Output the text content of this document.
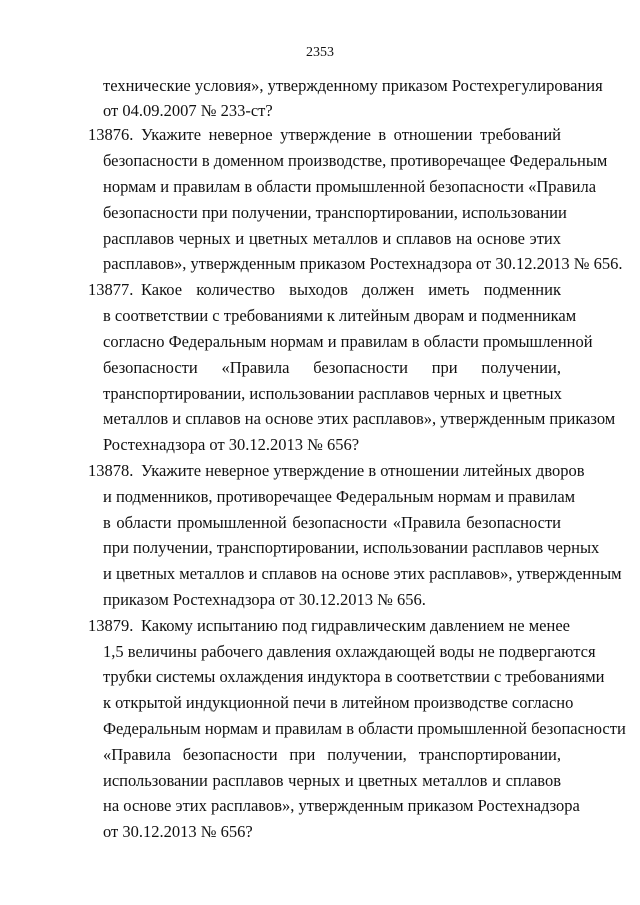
2353
технические условия», утвержденному приказом Ростехрегулирования
от 04.09.2007 № 233-ст?
13876. Укажите неверное утверждение в отношении требований
безопасности в доменном производстве, противоречащее Федеральным
нормам и правилам в области промышленной безопасности «Правила
безопасности при получении, транспортировании, использовании
расплавов черных и цветных металлов и сплавов на основе этих
расплавов», утвержденным приказом Ростехнадзора от 30.12.2013 № 656.
13877. Какое количество выходов должен иметь подменник
в соответствии с требованиями к литейным дворам и подменникам
согласно Федеральным нормам и правилам в области промышленной
безопасности «Правила безопасности при получении,
транспортировании, использовании расплавов черных и цветных
металлов и сплавов на основе этих расплавов», утвержденным приказом
Ростехнадзора от 30.12.2013 № 656?
13878. Укажите неверное утверждение в отношении литейных дворов
и подменников, противоречащее Федеральным нормам и правилам
в области промышленной безопасности «Правила безопасности
при получении, транспортировании, использовании расплавов черных
и цветных металлов и сплавов на основе этих расплавов», утвержденным
приказом Ростехнадзора от 30.12.2013 № 656.
13879. Какому испытанию под гидравлическим давлением не менее
1,5 величины рабочего давления охлаждающей воды не подвергаются
трубки системы охлаждения индуктора в соответствии с требованиями
к открытой индукционной печи в литейном производстве согласно
Федеральным нормам и правилам в области промышленной безопасности
«Правила безопасности при получении, транспортировании,
использовании расплавов черных и цветных металлов и сплавов
на основе этих расплавов», утвержденным приказом Ростехнадзора
от 30.12.2013 № 656?
